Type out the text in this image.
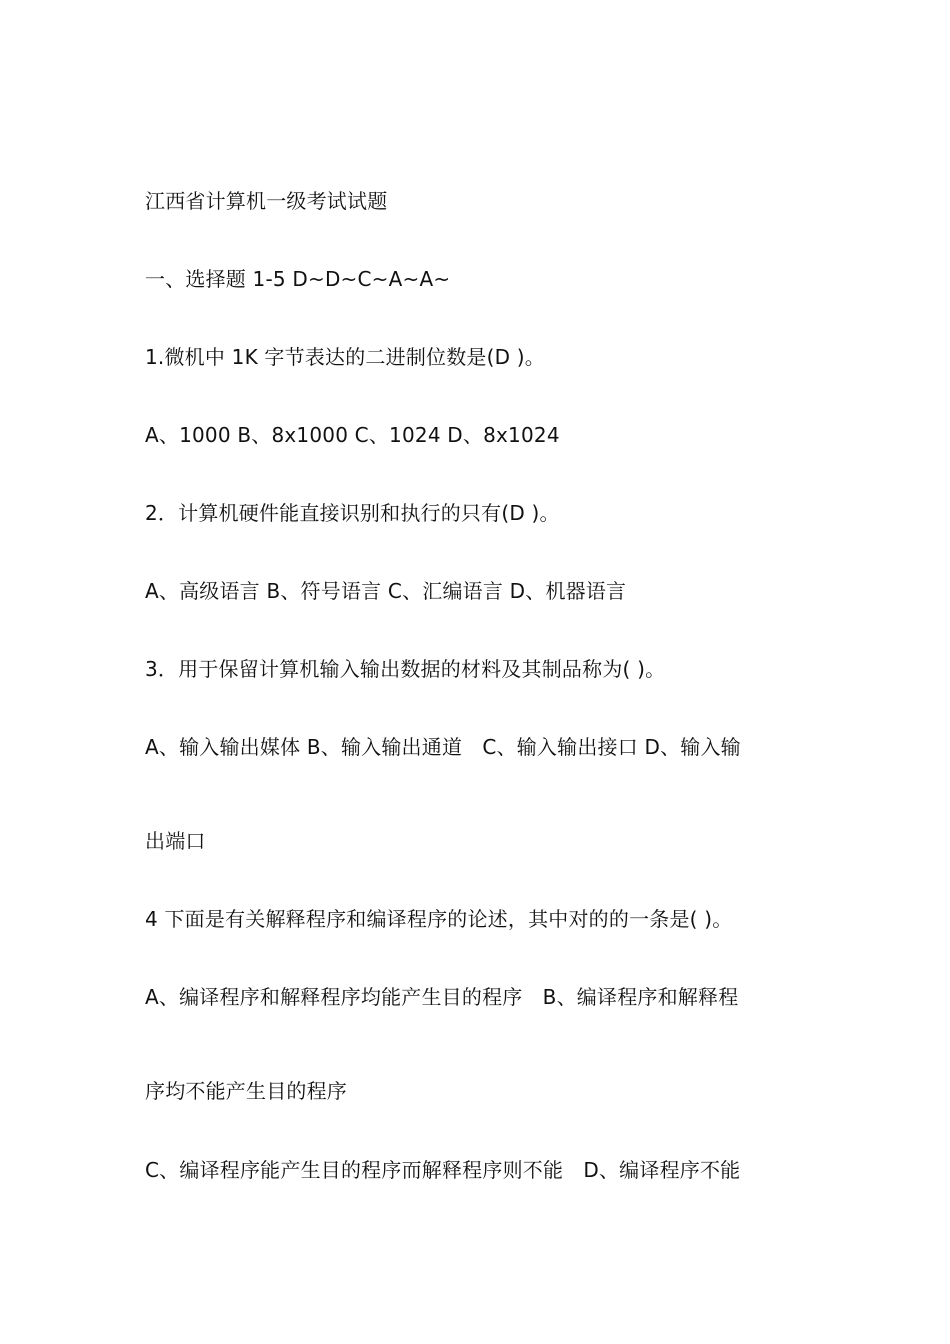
江西省计算机一级考试试题
一、选择题 1-5 D~D~C~A~A~
1.微机中 1K 字节表达的二进制位数是(D )。
A、1000 B、8x1000 C、1024 D、8x1024
2．计算机硬件能直接识别和执行的只有(D )。
A、高级语言 B、符号语言 C、汇编语言 D、机器语言
3．用于保留计算机输入输出数据的材料及其制品称为( )。
A、输入输出媒体 B、输入输出通道　C、输入输出接口 D、输入输
出端口
4 下面是有关解释程序和编译程序的论述，其中对的的一条是( )。
A、编译程序和解释程序均能产生目的程序　B、编译程序和解释程
序均不能产生目的程序
C、编译程序能产生目的程序而解释程序则不能　D、编译程序不能
